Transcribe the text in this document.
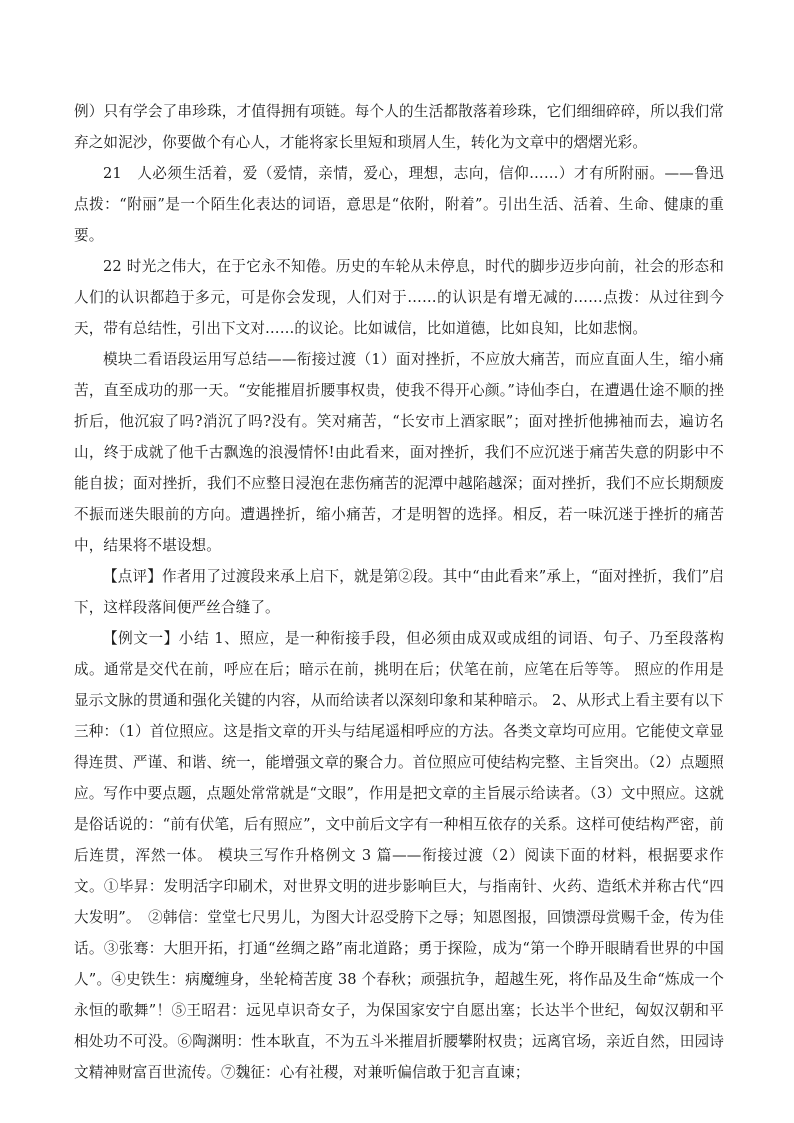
例）只有学会了串珍珠，才值得拥有项链。每个人的生活都散落着珍珠，它们细细碎碎，所以我们常弃之如泥沙，你要做个有心人，才能将家长里短和琐屑人生，转化为文章中的熠熠光彩。

21　人必须生活着，爱（爱情，亲情，爱心，理想，志向，信仰……）才有所附丽。——鲁迅点拨：“附丽”是一个陌生化表达的词语，意思是“依附，附着”。引出生活、活着、生命、健康的重要。

22 时光之伟大，在于它永不知倦。历史的车轮从未停息，时代的脚步迈步向前，社会的形态和人们的认识都趋于多元，可是你会发现，人们对于……的认识是有增无减的……点拨：从过往到今天，带有总结性，引出下文对……的议论。比如诚信，比如道德，比如良知，比如悲悯。

模块二看语段运用写总结——衔接过渡（1）面对挫折，不应放大痛苦，而应直面人生，缩小痛苦，直至成功的那一天。“安能摧眉折腰事权贵，使我不得开心颜。”诗仙李白，在遭遇仕途不顺的挫折后，他沉寂了吗?消沉了吗?没有。笑对痛苦，“长安市上酒家眠”；面对挫折他拂袖而去，遍访名山，终于成就了他千古飘逸的浪漫情怀!由此看来，面对挫折，我们不应沉迷于痛苦失意的阴影中不能自拔；面对挫折，我们不应整日浸泡在悲伤痛苦的泥潭中越陷越深；面对挫折，我们不应长期颓废不振而迷失眼前的方向。遭遇挫折，缩小痛苦，才是明智的选择。相反，若一味沉迷于挫折的痛苦中，结果将不堪设想。

【点评】作者用了过渡段来承上启下，就是第②段。其中“由此看来”承上，“面对挫折，我们”启下，这样段落间便严丝合缝了。

【例文一】小结 1、照应，是一种衔接手段，但必须由成双或成组的词语、句子、乃至段落构成。通常是交代在前，呼应在后；暗示在前，挑明在后；伏笔在前，应笔在后等等。 照应的作用是显示文脉的贯通和强化关键的内容，从而给读者以深刻印象和某种暗示。 2、从形式上看主要有以下三种：（1）首位照应。这是指文章的开头与结尾遥相呼应的方法。各类文章均可应用。它能使文章显得连贯、严谨、和谐、统一，能增强文章的聚合力。首位照应可使结构完整、主旨突出。（2）点题照应。写作中要点题，点题处常常就是“文眼”，作用是把文章的主旨展示给读者。（3）文中照应。这就是俗话说的：“前有伏笔，后有照应”，文中前后文字有一种相互依存的关系。这样可使结构严密，前后连贯，浑然一体。 模块三写作升格例文 3 篇——衔接过渡（2）阅读下面的材料，根据要求作文。①毕昇：发明活字印刷术，对世界文明的进步影响巨大，与指南针、火药、造纸术并称古代“四大发明”。　②韩信：堂堂七尺男儿，为图大计忍受胯下之辱；知恩图报，回馈漂母赏赐千金，传为佳话。③张骞：大胆开拓，打通“丝绸之路”南北道路；勇于探险，成为“第一个睁开眼睛看世界的中国人”。④史铁生：病魔缠身，坐轮椅苦度 38 个春秋；顽强抗争，超越生死，将作品及生命“炼成一个永恒的歌舞”！⑤王昭君：远见卓识奇女子，为保国家安宁自愿出塞；长达半个世纪，匈奴汉朝和平相处功不可没。⑥陶渊明：性本耿直，不为五斗米摧眉折腰攀附权贵；远离官场，亲近自然，田园诗文精神财富百世流传。⑦魏征：心有社稷，对兼听偏信敢于犯言直谏；
